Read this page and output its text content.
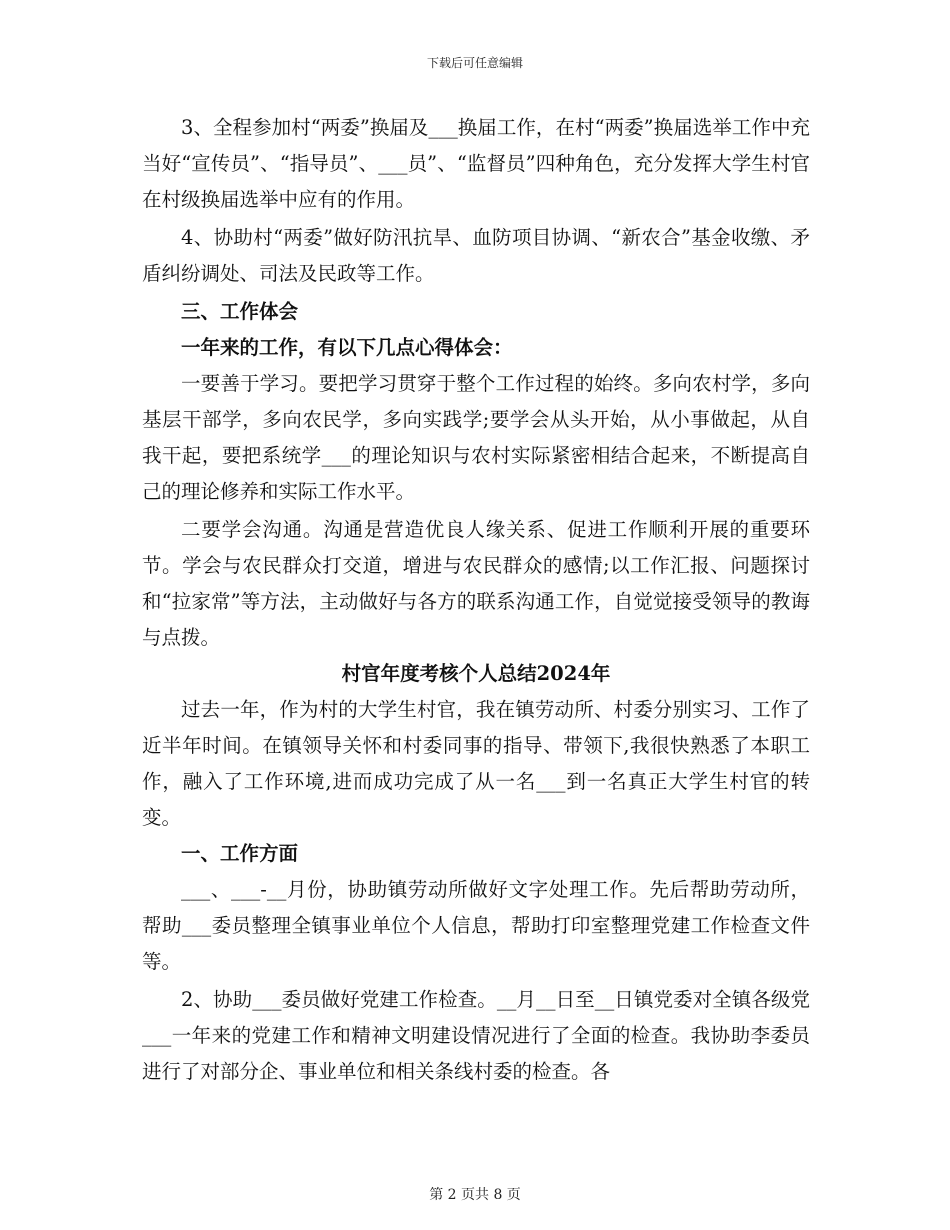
下载后可任意编辑

3、全程参加村“两委”换届及___换届工作，在村“两委”换届选举工作中充当好“宣传员”、“指导员”、___员”、“监督员”四种角色，充分发挥大学生村官在村级换届选举中应有的作用。

4、协助村“两委”做好防汛抗旱、血防项目协调、“新农合”基金收缴、矛盾纠纷调处、司法及民政等工作。

三、工作体会

一年来的工作，有以下几点心得体会：

一要善于学习。要把学习贯穿于整个工作过程的始终。多向农村学，多向基层干部学，多向农民学，多向实践学;要学会从头开始，从小事做起，从自我干起，要把系统学___的理论知识与农村实际紧密相结合起来，不断提高自己的理论修养和实际工作水平。

二要学会沟通。沟通是营造优良人缘关系、促进工作顺利开展的重要环节。学会与农民群众打交道，增进与农民群众的感情;以工作汇报、问题探讨和“拉家常”等方法，主动做好与各方的联系沟通工作，自觉觉接受领导的教诲与点拨。

村官年度考核个人总结2024年

过去一年，作为村的大学生村官，我在镇劳动所、村委分别实习、工作了近半年时间。在镇领导关怀和村委同事的指导、带领下,我很快熟悉了本职工作，融入了工作环境,进而成功完成了从一名___到一名真正大学生村官的转变。

一、工作方面

___、___-__月份，协助镇劳动所做好文字处理工作。先后帮助劳动所，帮助___委员整理全镇事业单位个人信息，帮助打印室整理党建工作检查文件等。

2、协助___委员做好党建工作检查。__月__日至__日镇党委对全镇各级党___一年来的党建工作和精神文明建设情况进行了全面的检查。我协助李委员进行了对部分企、事业单位和相关条线村委的检查。各

第 2 页共 8 页
